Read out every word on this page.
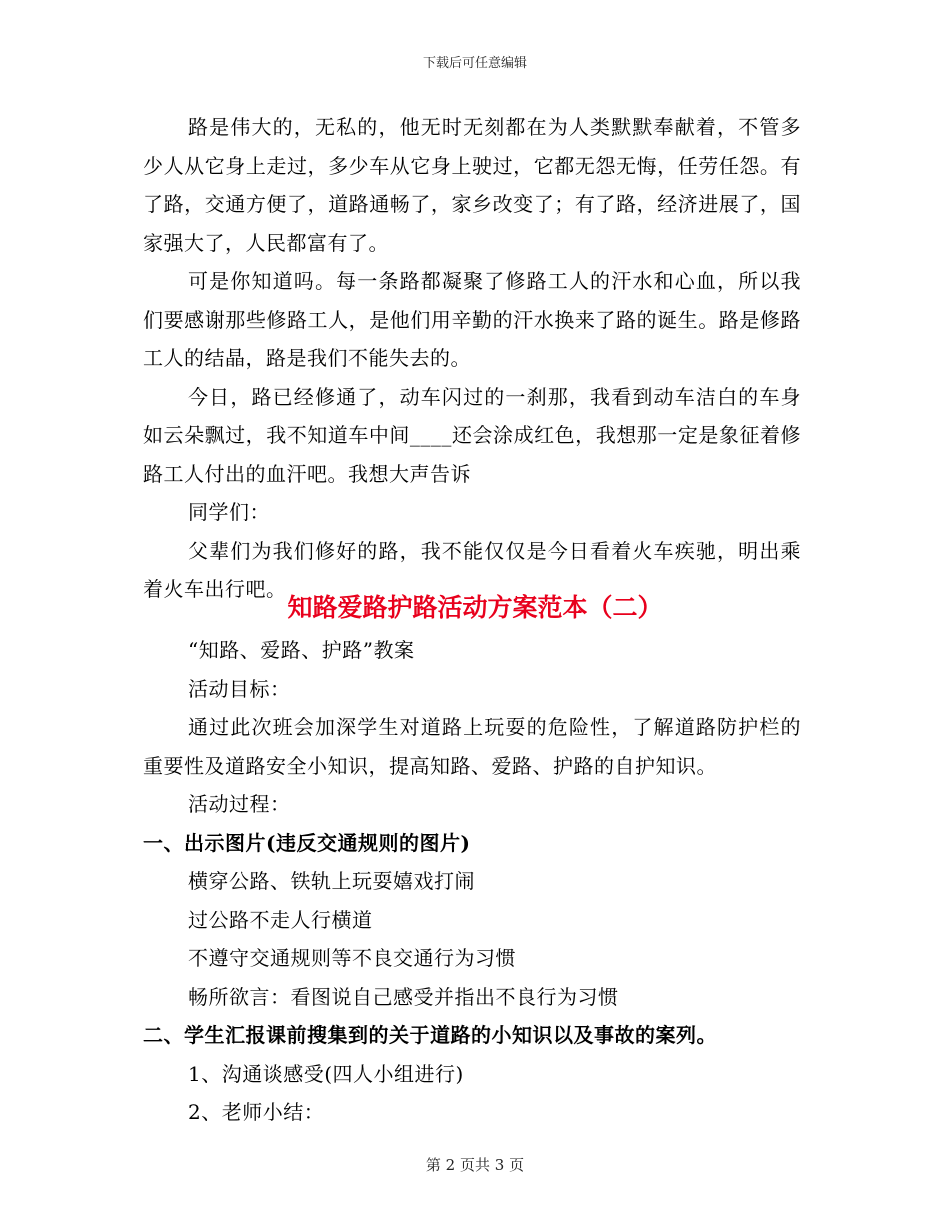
下载后可任意编辑

路是伟大的，无私的，他无时无刻都在为人类默默奉献着，不管多少人从它身上走过，多少车从它身上驶过，它都无怨无悔，任劳任怨。有了路，交通方便了，道路通畅了，家乡改变了；有了路，经济进展了，国家强大了，人民都富有了。

可是你知道吗。每一条路都凝聚了修路工人的汗水和心血，所以我们要感谢那些修路工人，是他们用辛勤的汗水换来了路的诞生。路是修路工人的结晶，路是我们不能失去的。

今日，路已经修通了，动车闪过的一刹那，我看到动车洁白的车身如云朵飘过，我不知道车中间____还会涂成红色，我想那一定是象征着修路工人付出的血汗吧。我想大声告诉

同学们：

父辈们为我们修好的路，我不能仅仅是今日看着火车疾驰，明出乘着火车出行吧。

知路爱路护路活动方案范本（二）

“知路、爱路、护路”教案

活动目标：

通过此次班会加深学生对道路上玩耍的危险性，了解道路防护栏的重要性及道路安全小知识，提高知路、爱路、护路的自护知识。

活动过程：

一、出示图片(违反交通规则的图片)

横穿公路、铁轨上玩耍嬉戏打闹

过公路不走人行横道

不遵守交通规则等不良交通行为习惯

畅所欲言：看图说自己感受并指出不良行为习惯

二、学生汇报课前搜集到的关于道路的小知识以及事故的案列。

1、沟通谈感受(四人小组进行)

2、老师小结：

第 2 页共 3 页
